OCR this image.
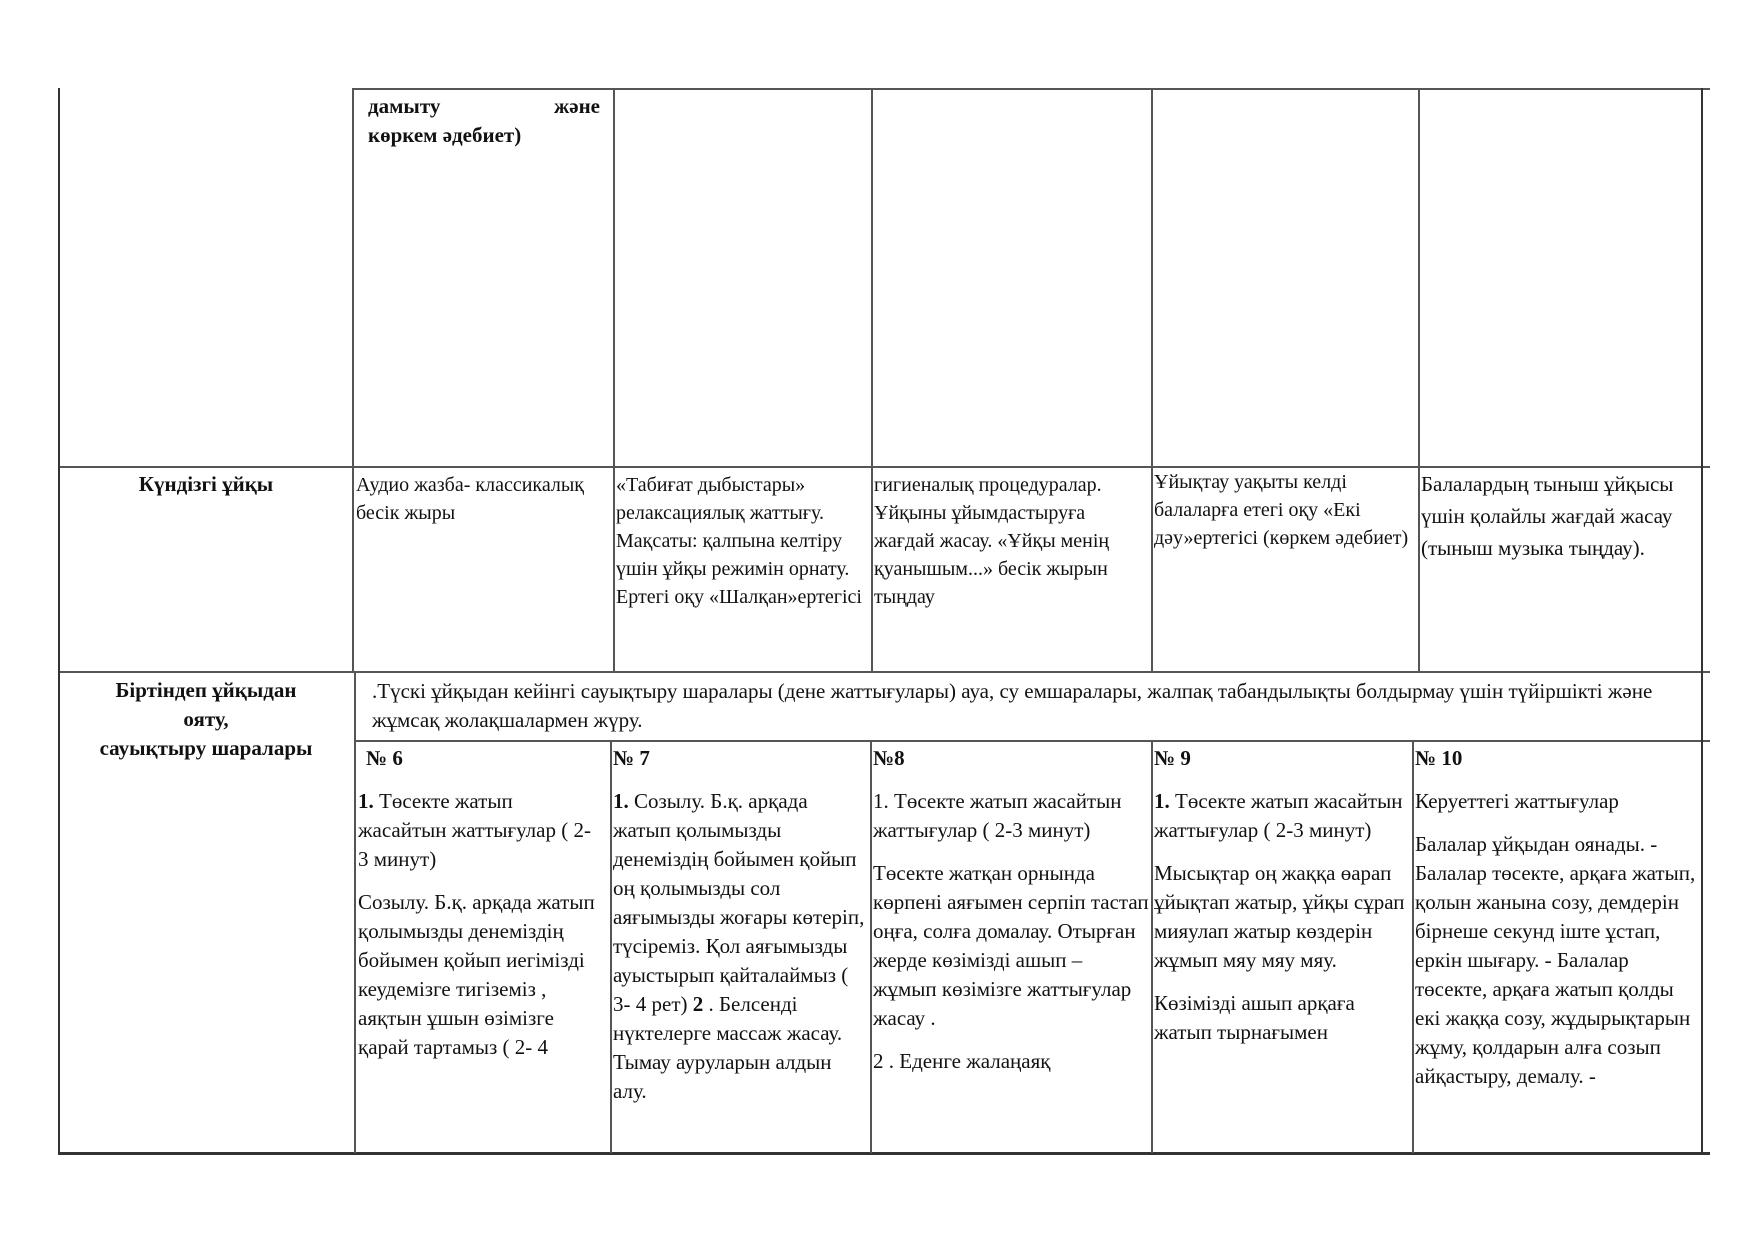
дамыту және

көркем әдебиет)

Күндізгі ұйқы	Аудио жазба- классикалық бесік жыры
«Табиғат дыбыстары» релаксациялық жаттығу. Мақсаты: қалпына келтіру үшін ұйқы режимін орнату. Ертегі оқу «Шалқан»ертегісі
гигиеналық процедуралар. Ұйқыны ұйымдастыруға жағдай жасау. «Ұйқы менің қуанышым...» бесік жырын тыңдау
Ұйықтау уақыты келді балаларға етегі оқу «Екі дәу»ертегісі (көркем әдебиет)
Балалардың тыныш ұйқысы үшін қолайлы жағдай жасау (тыныш музыка тыңдау).

Біртіндеп ұйқыдан

ояту,

сауықтыру шаралары

.Түскі ұйқыдан кейінгі сауықтыру шаралары (дене жаттығулары) ауа, су емшаралары, жалпақ табандылықты болдырмау үшін түйіршікті және жұмсақ жолақшалармен жүру.

№ 6

1. Төсекте жатып жасайтын жаттығулар ( 2- 3 минут)

Созылу. Б.қ. арқада жатып қолымызды денеміздің бойымен қойып иегімізді кеудемізге тигіземіз , аяқтын ұшын өзімізге қарай тартамыз ( 2- 4

№ 7

1. Созылу. Б.қ. арқада жатып қолымызды денеміздің бойымен қойып оң қолымызды сол аяғымызды жоғары көтеріп, түсіреміз. Қол аяғымызды ауыстырып қайталаймыз ( 3- 4 рет) 2 . Белсенді нүктелерге массаж жасау. Тымау ауруларын алдын алу.

№8

1. Төсекте жатып жасайтын жаттығулар ( 2-3 минут)

Төсекте жатқан орнында көрпені аяғымен серпіп тастап оңға, солға домалау. Отырған жерде көзімізді ашып – жұмып көзімізге жаттығулар жасау .

2 . Еденге жалаңаяқ

№ 9

1. Төсекте жатып жасайтын жаттығулар ( 2-3 минут)

Мысықтар оң жаққа өарап ұйықтап жатыр, ұйқы сұрап мияулап жатыр көздерін жұмып мяу мяу мяу.

Көзімізді ашып арқаға жатып тырнағымен

№ 10

Керуеттегі жаттығулар

Балалар ұйқыдан оянады. - Балалар төсекте, арқаға жатып, қолын жанына созу, демдерін бірнеше секунд іште ұстап, еркін шығару. - Балалар төсекте, арқаға жатып қолды екі жаққа созу, жұдырықтарын жұму, қолдарын алға созып айқастыру, демалу. -
